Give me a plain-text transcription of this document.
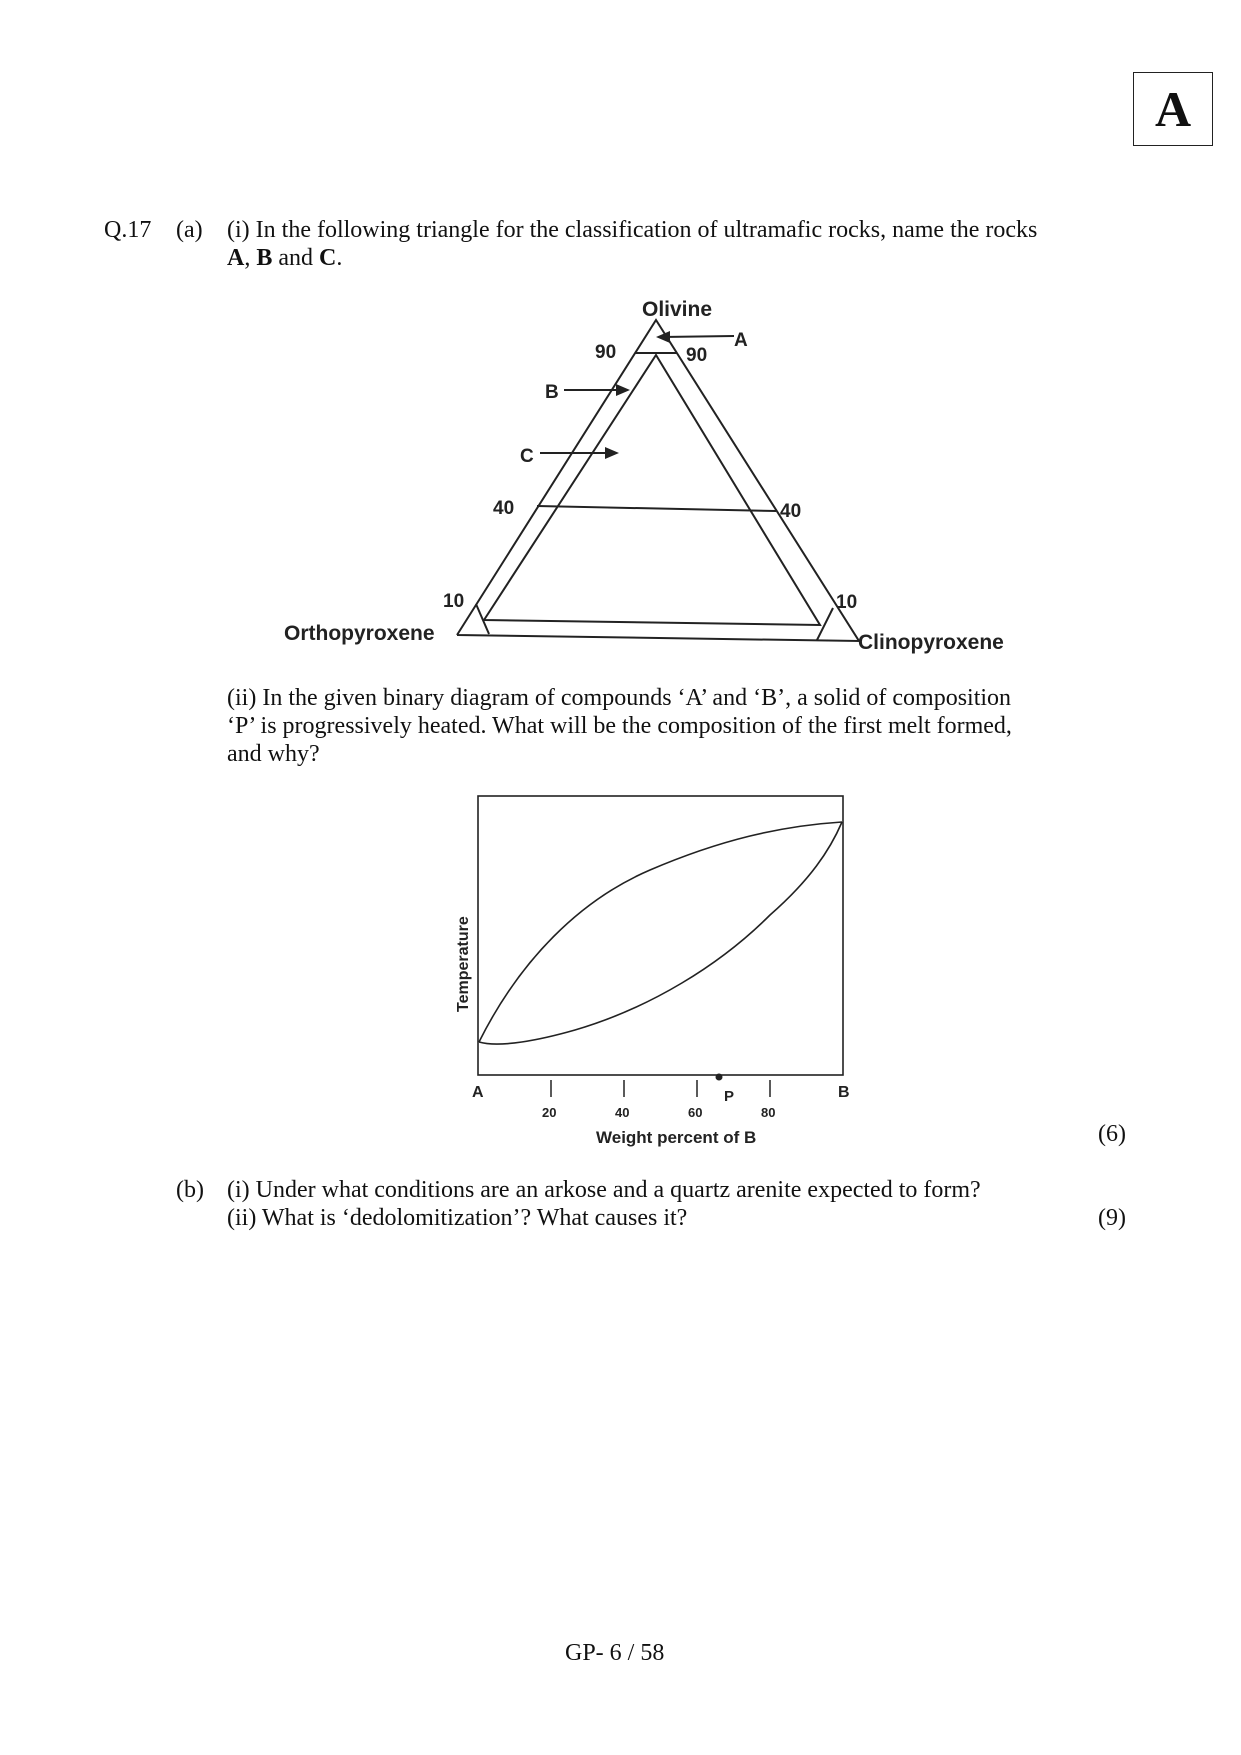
A
Q.17 (a) (i) In the following triangle for the classification of ultramafic rocks, name the rocks
A, B and C.
Olivine
Orthopyroxene	Clinopyroxene
90	90
40	40
10	10
A
B
C
(ii) In the given binary diagram of compounds ‘A’ and ‘B’, a solid of composition
‘P’ is progressively heated. What will be the composition of the first melt formed,
and why?
P
A	B
20	40	60	80
Weight percent of B
Temperature
(6)
(b) (i) Under what conditions are an arkose and a quartz arenite expected to form?
(ii) What is ‘dedolomitization’? What causes it?	(9)
GP- 6 / 58
